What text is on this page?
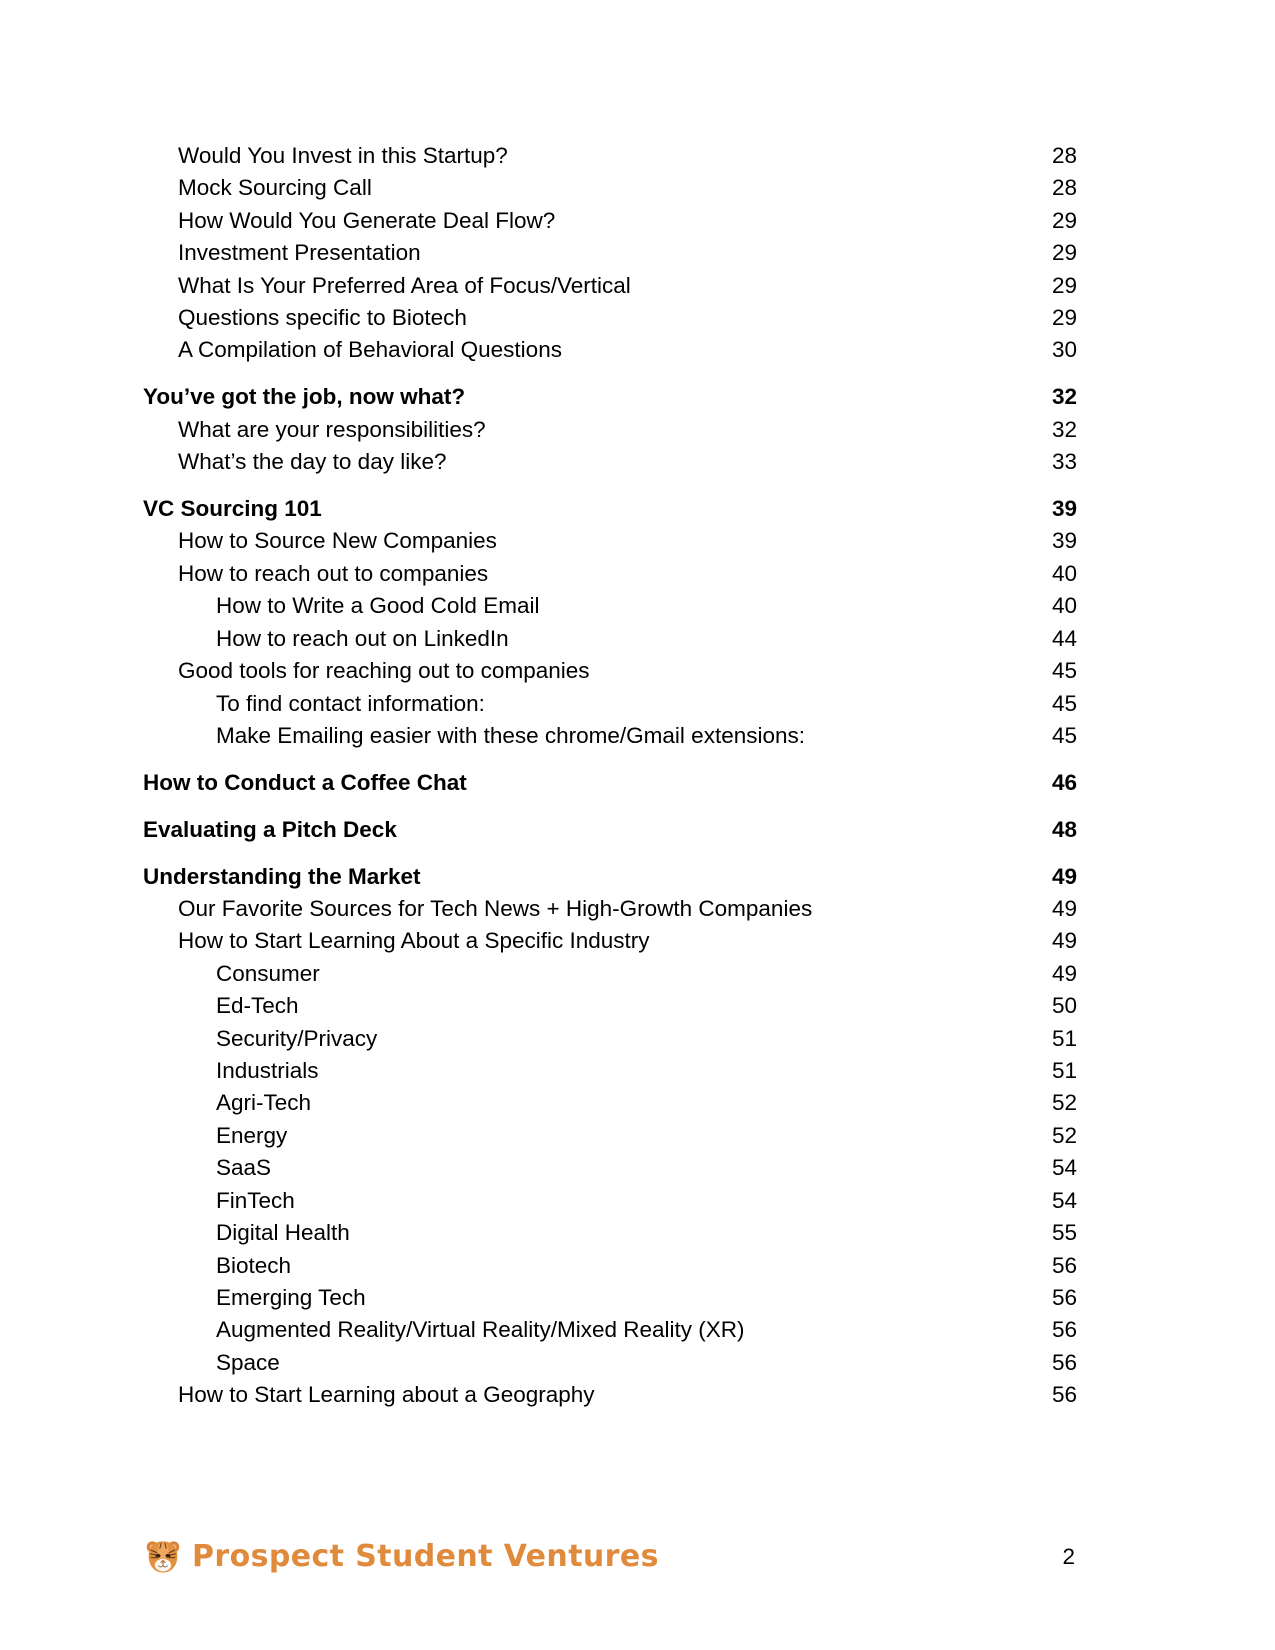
Would You Invest in this Startup?	28
Mock Sourcing Call	28
How Would You Generate Deal Flow?	29
Investment Presentation	29
What Is Your Preferred Area of Focus/Vertical	29
Questions specific to Biotech	29
A Compilation of Behavioral Questions	30
You’ve got the job, now what?	32
What are your responsibilities?	32
What’s the day to day like?	33
VC Sourcing 101	39
How to Source New Companies	39
How to reach out to companies	40
How to Write a Good Cold Email	40
How to reach out on LinkedIn	44
Good tools for reaching out to companies	45
To find contact information:	45
Make Emailing easier with these chrome/Gmail extensions:	45
How to Conduct a Coffee Chat	46
Evaluating a Pitch Deck	48
Understanding the Market	49
Our Favorite Sources for Tech News + High-Growth Companies	49
How to Start Learning About a Specific Industry	49
Consumer	49
Ed-Tech	50
Security/Privacy	51
Industrials	51
Agri-Tech	52
Energy	52
SaaS	54
FinTech	54
Digital Health	55
Biotech	56
Emerging Tech	56
Augmented Reality/Virtual Reality/Mixed Reality (XR)	56
Space	56
How to Start Learning about a Geography	56
Prospect Student Ventures	2
